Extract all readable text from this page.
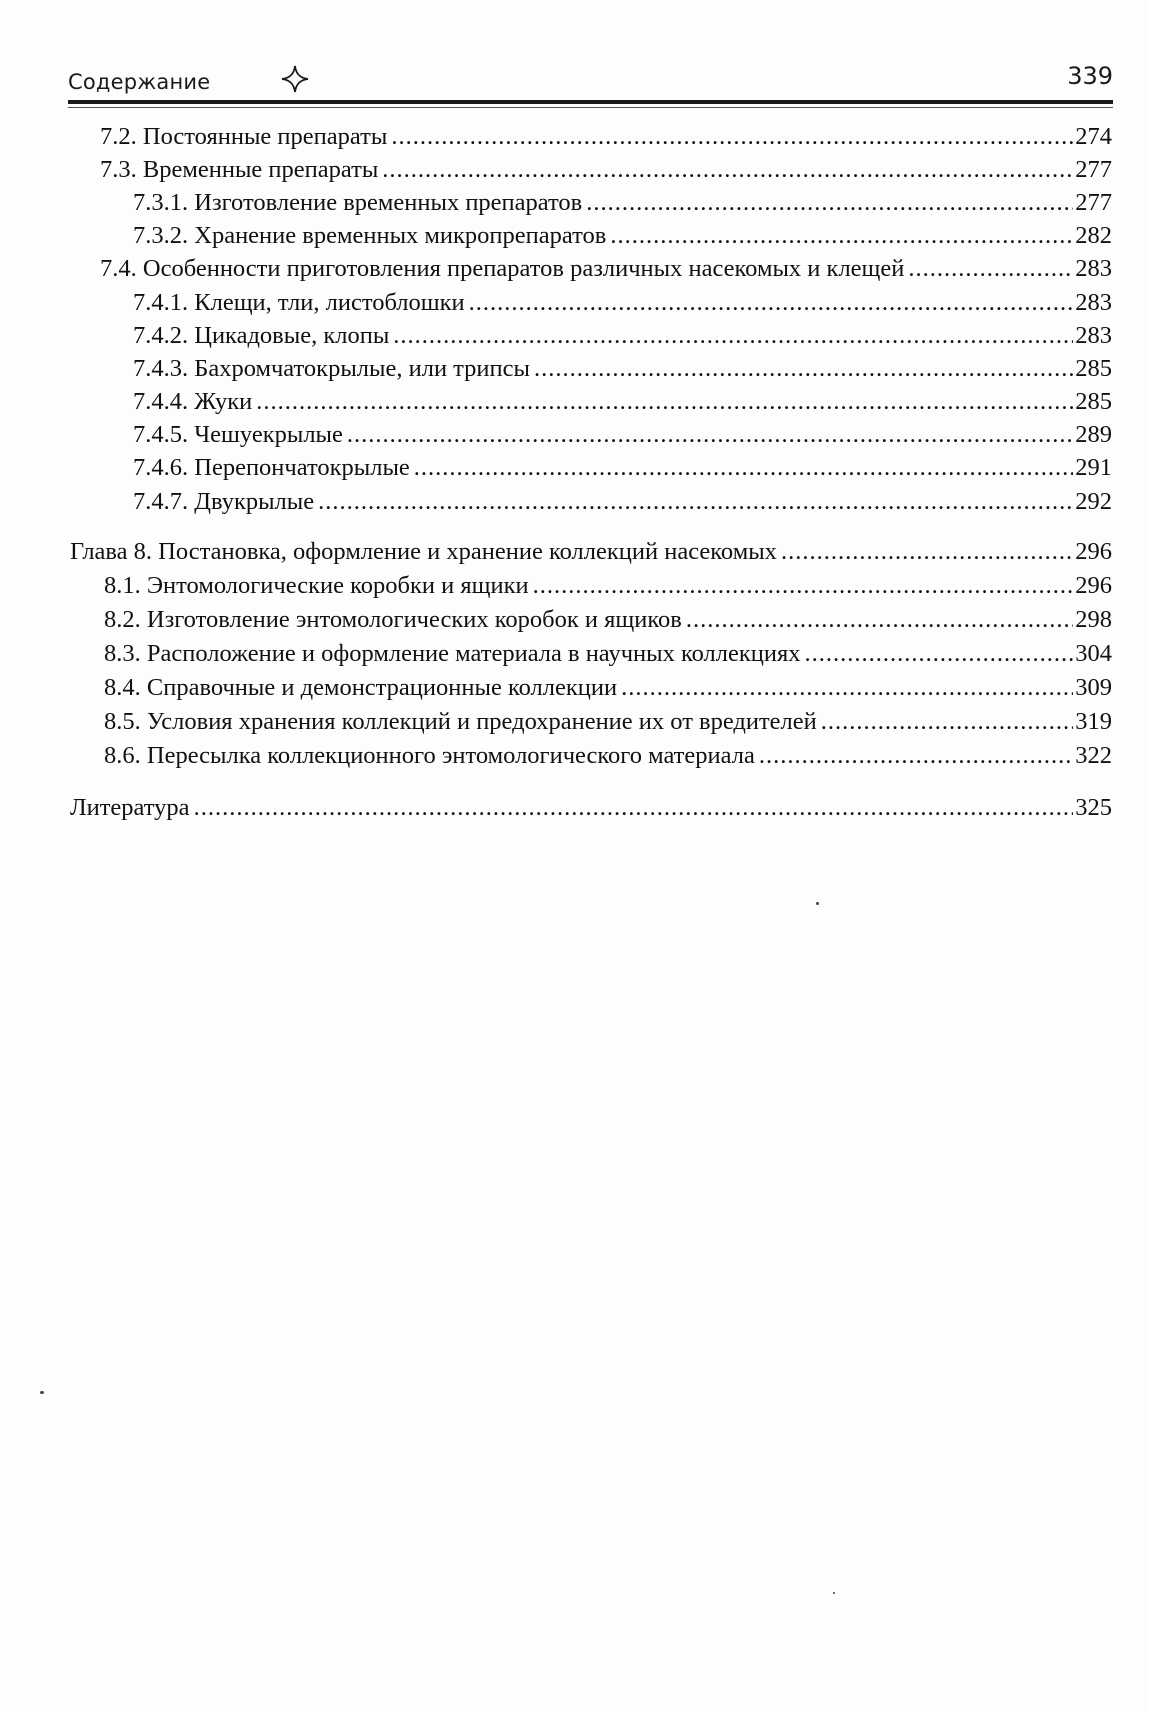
Содержание	339
7.2. Постоянные препараты .....	274
7.3. Временные препараты .....	277
7.3.1. Изготовление временных препаратов .....	277
7.3.2. Хранение временных микропрепаратов .....	282
7.4. Особенности приготовления препаратов различных насекомых и клещей .....	283
7.4.1. Клещи, тли, листоблошки .....	283
7.4.2. Цикадовые, клопы .....	283
7.4.3. Бахромчатокрылые, или трипсы .....	285
7.4.4. Жуки .....	285
7.4.5. Чешуекрылые .....	289
7.4.6. Перепончатокрылые .....	291
7.4.7. Двукрылые .....	292
Глава 8. Постановка, оформление и хранение коллекций насекомых .....	296
8.1. Энтомологические коробки и ящики .....	296
8.2. Изготовление энтомологических коробок и ящиков .....	298
8.3. Расположение и оформление материала в научных коллекциях .....	304
8.4. Справочные и демонстрационные коллекции .....	309
8.5. Условия хранения коллекций и предохранение их от вредителей .....	319
8.6. Пересылка коллекционного энтомологического материала .....	322
Литература .....	325
